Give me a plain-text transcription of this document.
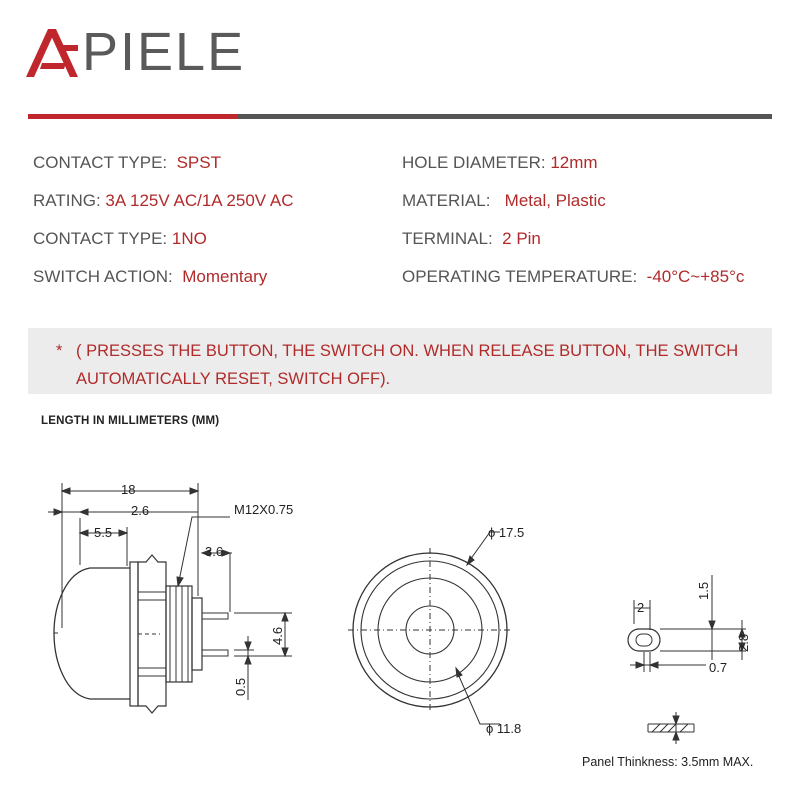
PIELE
CONTACT TYPE: SPST	HOLE DIAMETER: 12mm
RATING: 3A 125V AC/1A 250V AC	MATERIAL: Metal, Plastic
CONTACT TYPE: 1NO	TERMINAL: 2 Pin
SWITCH ACTION: Momentary	OPERATING TEMPERATURE: -40°C~+85°c
* ( PRESSES THE BUTTON, THE SWITCH ON. WHEN RELEASE BUTTON, THE SWITCH
AUTOMATICALLY RESET, SWITCH OFF).
LENGTH IN MILLIMETERS (MM)
18
2.6
5.5
M12X0.75
3.6
4.6
0.5
ϕ 17.5
ϕ 11.8
2
1.5
2.8
0.7
Panel Thinkness: 3.5mm MAX.
